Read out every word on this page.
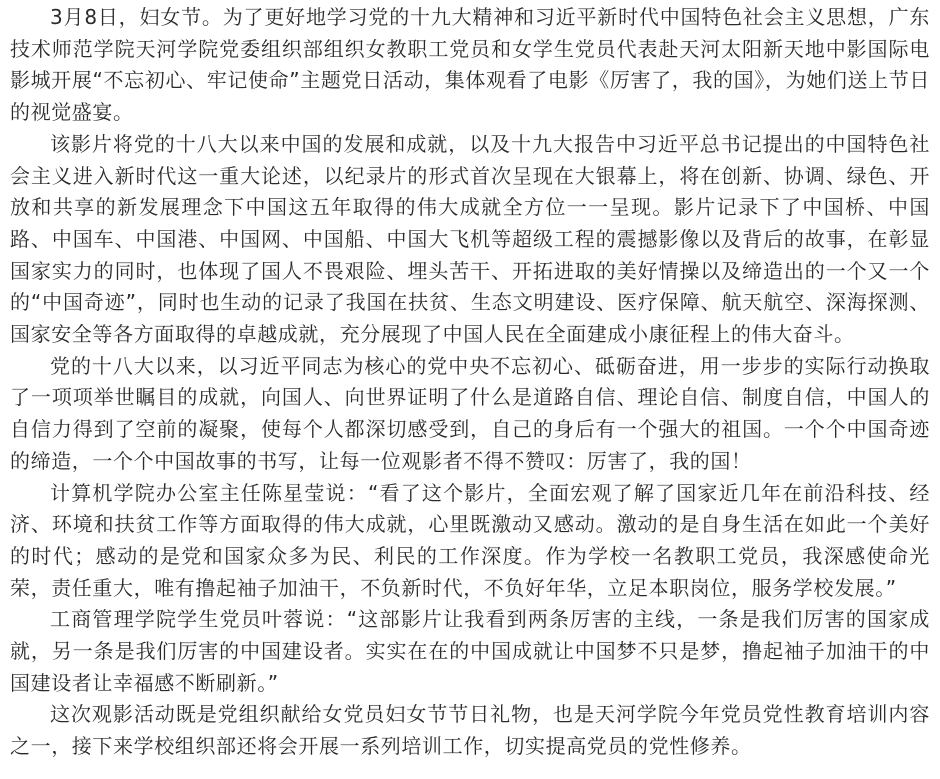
3月8日，妇女节。为了更好地学习党的十九大精神和习近平新时代中国特色社会主义思想，广东技术师范学院天河学院党委组织部组织女教职工党员和女学生党员代表赴天河太阳新天地中影国际电影城开展“不忘初心、牢记使命”主题党日活动，集体观看了电影《厉害了，我的国》，为她们送上节日的视觉盛宴。

该影片将党的十八大以来中国的发展和成就，以及十九大报告中习近平总书记提出的中国特色社会主义进入新时代这一重大论述，以纪录片的形式首次呈现在大银幕上，将在创新、协调、绿色、开放和共享的新发展理念下中国这五年取得的伟大成就全方位一一呈现。影片记录下了中国桥、中国路、中国车、中国港、中国网、中国船、中国大飞机等超级工程的震撼影像以及背后的故事，在彰显国家实力的同时，也体现了国人不畏艰险、埋头苦干、开拓进取的美好情操以及缔造出的一个又一个的“中国奇迹”，同时也生动的记录了我国在扶贫、生态文明建设、医疗保障、航天航空、深海探测、国家安全等各方面取得的卓越成就，充分展现了中国人民在全面建成小康征程上的伟大奋斗。

党的十八大以来，以习近平同志为核心的党中央不忘初心、砥砺奋进，用一步步的实际行动换取了一项项举世瞩目的成就，向国人、向世界证明了什么是道路自信、理论自信、制度自信，中国人的自信力得到了空前的凝聚，使每个人都深切感受到，自己的身后有一个强大的祖国。一个个中国奇迹的缔造，一个个中国故事的书写，让每一位观影者不得不赞叹：厉害了，我的国！

计算机学院办公室主任陈星莹说：“看了这个影片，全面宏观了解了国家近几年在前沿科技、经济、环境和扶贫工作等方面取得的伟大成就，心里既激动又感动。激动的是自身生活在如此一个美好的时代；感动的是党和国家众多为民、利民的工作深度。作为学校一名教职工党员，我深感使命光荣，责任重大，唯有撸起袖子加油干，不负新时代，不负好年华，立足本职岗位，服务学校发展。”

工商管理学院学生党员叶蓉说：“这部影片让我看到两条厉害的主线，一条是我们厉害的国家成就，另一条是我们厉害的中国建设者。实实在在的中国成就让中国梦不只是梦，撸起袖子加油干的中国建设者让幸福感不断刷新。”

这次观影活动既是党组织献给女党员妇女节节日礼物，也是天河学院今年党员党性教育培训内容之一，接下来学校组织部还将会开展一系列培训工作，切实提高党员的党性修养。
